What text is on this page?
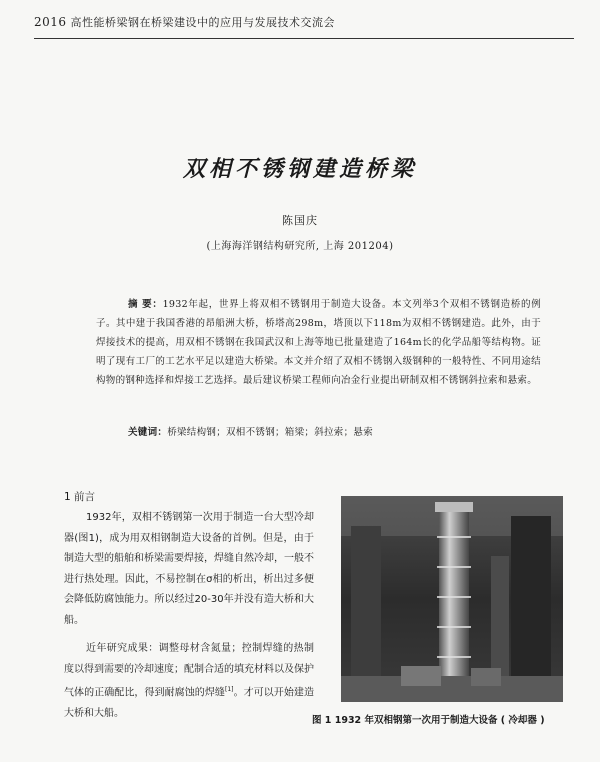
2016 高性能桥梁钢在桥梁建设中的应用与发展技术交流会
双相不锈钢建造桥梁
陈国庆
(上海海洋钢结构研究所, 上海 201204)
摘 要：1932年起，世界上将双相不锈钢用于制造大设备。本文列举3个双相不锈钢造桥的例子。其中建于我国香港的昂船洲大桥，桥塔高298m，塔顶以下118m为双相不锈钢建造。此外，由于焊接技术的提高，用双相不锈钢在我国武汉和上海等地已批量建造了164m长的化学品船等结构物。证明了现有工厂的工艺水平足以建造大桥梁。本文并介绍了双相不锈钢入级钢种的一般特性、不同用途结构物的钢种选择和焊接工艺选择。最后建议桥梁工程师向冶金行业提出研制双相不锈钢斜拉索和悬索。
关键词：桥梁结构钢；双相不锈钢；箱梁；斜拉索；悬索
1 前言

1932年，双相不锈钢第一次用于制造一台大型冷却器(图1)，成为用双相钢制造大设备的首例。但是，由于制造大型的船舶和桥梁需要焊接，焊缝自然冷却，一般不进行热处理。因此，不易控制在σ相的析出，析出过多便会降低防腐蚀能力。所以经过20-30年并没有造大桥和大船。

近年研究成果：调整母材含氮量；控制焊缝的热制度以得到需要的冷却速度；配制合适的填充材料以及保护气体的正确配比，得到耐腐蚀的焊缝[1]。才可以开始建造大桥和大船。

图 1 1932 年双相钢第一次用于制造大设备 ( 冷却器 )
